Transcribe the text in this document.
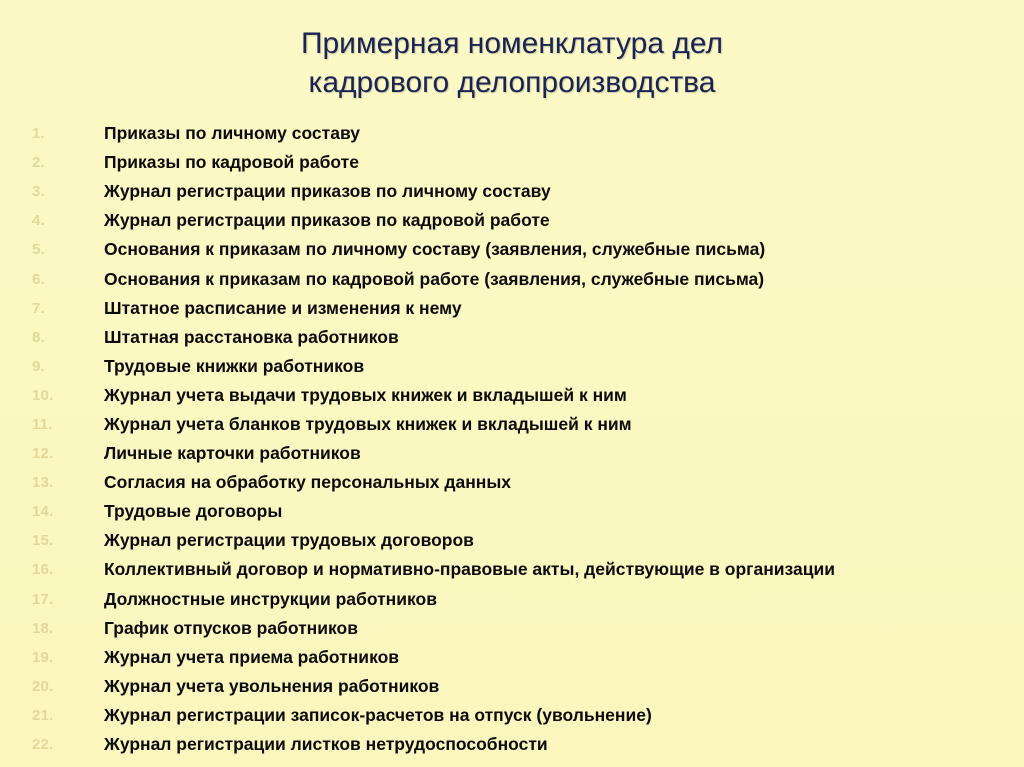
Примерная номенклатура дел
кадрового делопроизводства
1.	Приказы по личному составу
2.	Приказы по кадровой работе
3.	Журнал регистрации приказов по личному составу
4.	Журнал регистрации приказов по кадровой работе
5.	Основания к приказам по личному составу (заявления, служебные письма)
6.	Основания к приказам по кадровой работе (заявления, служебные письма)
7.	Штатное расписание и изменения к нему
8.	Штатная расстановка работников
9.	Трудовые книжки работников
10.	Журнал учета выдачи трудовых книжек и вкладышей к ним
11.	Журнал учета бланков трудовых книжек и вкладышей к ним
12.	Личные карточки работников
13.	Согласия на обработку персональных данных
14.	Трудовые договоры
15.	Журнал регистрации трудовых договоров
16.	Коллективный договор и нормативно-правовые акты, действующие в организации
17.	Должностные инструкции работников
18.	График отпусков работников
19.	Журнал учета приема работников
20.	Журнал учета увольнения работников
21.	Журнал регистрации записок-расчетов на отпуск (увольнение)
22.	Журнал регистрации листков нетрудоспособности
